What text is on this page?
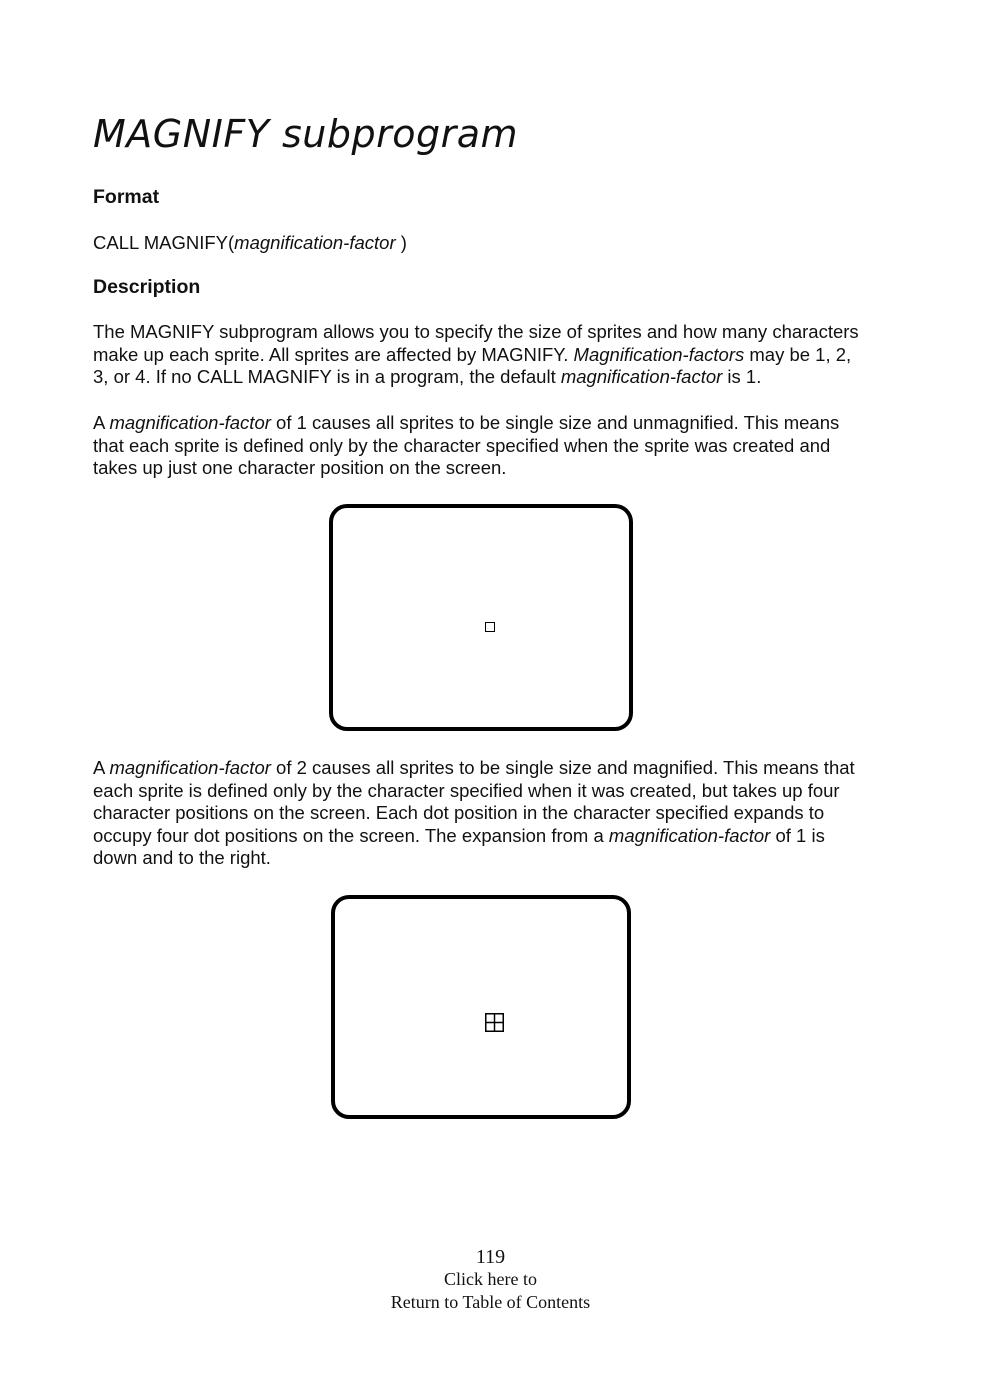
MAGNIFY subprogram
Format

CALL MAGNIFY(magnification-factor )

Description

The MAGNIFY subprogram allows you to specify the size of sprites and how many characters
make up each sprite. All sprites are affected by MAGNIFY. Magnification-factors may be 1, 2,
3, or 4. If no CALL MAGNIFY is in a program, the default magnification-factor is 1.

A magnification-factor of 1 causes all sprites to be single size and unmagnified. This means
that each sprite is defined only by the character specified when the sprite was created and
takes up just one character position on the screen.

A magnification-factor of 2 causes all sprites to be single size and magnified. This means that
each sprite is defined only by the character specified when it was created, but takes up four
character positions on the screen. Each dot position in the character specified expands to
occupy four dot positions on the screen. The expansion from a magnification-factor of 1 is
down and to the right.

119

Click here to

Return to Table of Contents
